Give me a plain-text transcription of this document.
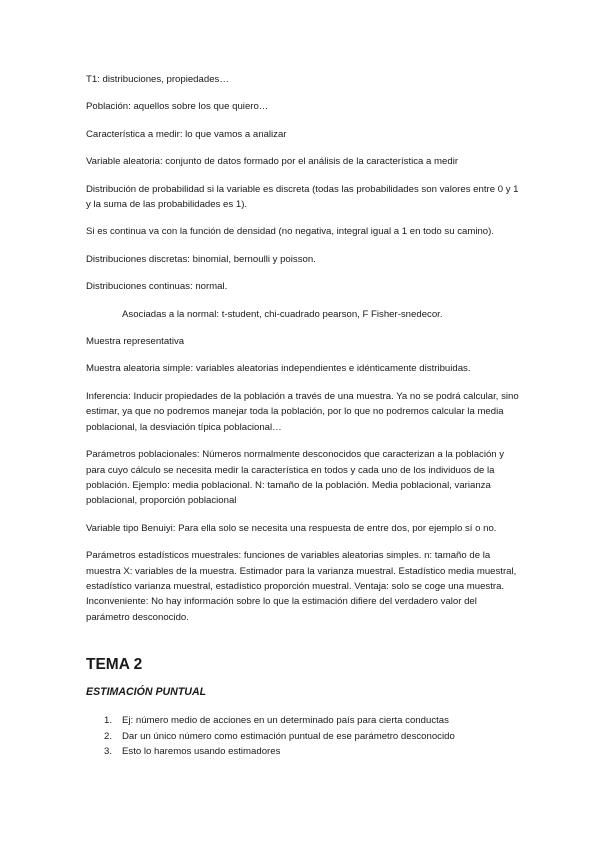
T1: distribuciones, propiedades…

Población: aquellos sobre los que quiero…

Característica a medir: lo que vamos a analizar

Variable aleatoria: conjunto de datos formado por el análisis de la característica a medir

Distribución de probabilidad si la variable es discreta (todas las probabilidades son valores entre 0 y 1 y la suma de las probabilidades es 1).

Si es continua va con la función de densidad (no negativa, integral igual a 1 en todo su camino).

Distribuciones discretas: binomial, bernoulli y poisson.

Distribuciones continuas: normal.

Asociadas a la normal: t-student, chi-cuadrado pearson, F Fisher-snedecor.

Muestra representativa

Muestra aleatoria simple: variables aleatorias independientes e idénticamente distribuidas.

Inferencia: Inducir propiedades de la población a través de una muestra. Ya no se podrá calcular, sino estimar, ya que no podremos manejar toda la población, por lo que no podremos calcular la media poblacional, la desviación típica poblacional…

Parámetros poblacionales: Números normalmente desconocidos que caracterizan a la población y para cuyo cálculo se necesita medir la característica en todos y cada uno de los individuos de la población. Ejemplo: media poblacional. N: tamaño de la población. Media poblacional, varianza poblacional, proporción poblacional

Variable tipo Benuiyi: Para ella solo se necesita una respuesta de entre dos, por ejemplo sí o no.

Parámetros estadísticos muestrales: funciones de variables aleatorias simples. n: tamaño de la muestra X: variables de la muestra. Estimador para la varianza muestral. Estadístico media muestral, estadístico varianza muestral, estadístico proporción muestral. Ventaja: solo se coge una muestra. Inconveniente: No hay información sobre lo que la estimación difiere del verdadero valor del parámetro desconocido.

TEMA 2
ESTIMACIÓN PUNTUAL
1.	Ej: número medio de acciones en un determinado país para cierta conductas
2.	Dar un único número como estimación puntual de ese parámetro desconocido
3.	Esto lo haremos usando estimadores
